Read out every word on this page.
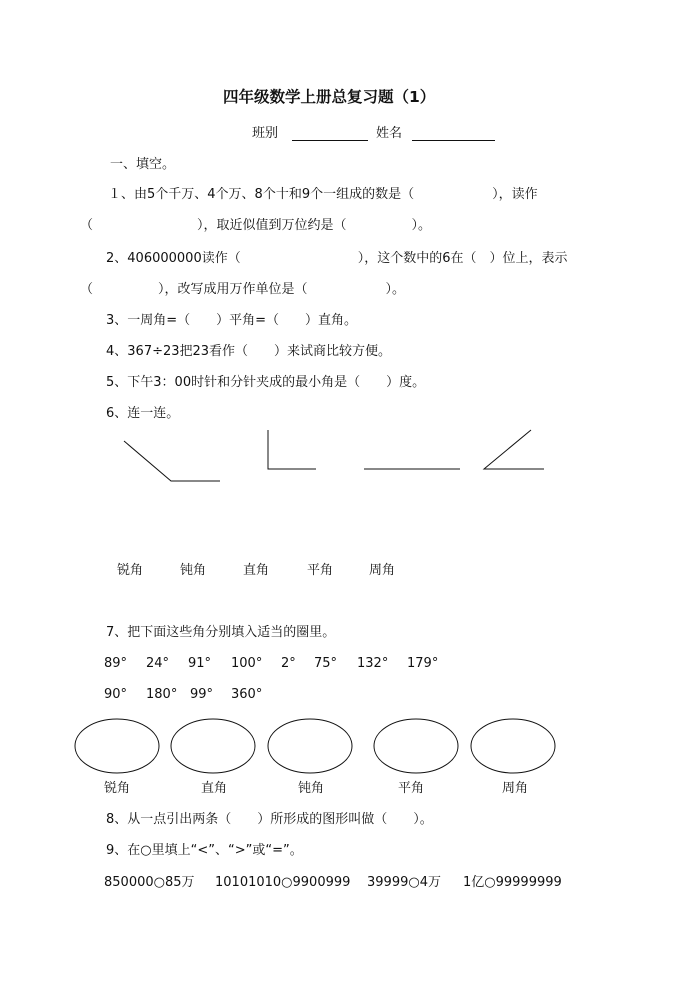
四年级数学上册总复习题（1）
班别	姓名
一、填空。
１、由5个千万、4个万、8个十和9个一组成的数是（　　　　　　），读作
（　　　　　　　　），取近似值到万位约是（　　　　　）。
2、406000000读作（　　　　　　　　　），这个数中的6在（　）位上，表示
（　　　　　），改写成用万作单位是（　　　　　　）。
3、一周角=（　　）平角=（　　）直角。
4、367÷23把23看作（　　）来试商比较方便。
5、下午3：00时针和分针夹成的最小角是（　　）度。
6、连一连。
锐角	钝角	直角	平角	周角
7、把下面这些角分别填入适当的圈里。
89° 24° 91° 100° 2° 75° 132° 179°
90° 180° 99° 360°
锐角	直角	钝角	平角	周角
8、从一点引出两条（　　）所形成的图形叫做（　　）。
9、在○里填上“<”、“>”或“=”。
850000○85万 10101010○9900999 39999○4万 1亿○99999999
